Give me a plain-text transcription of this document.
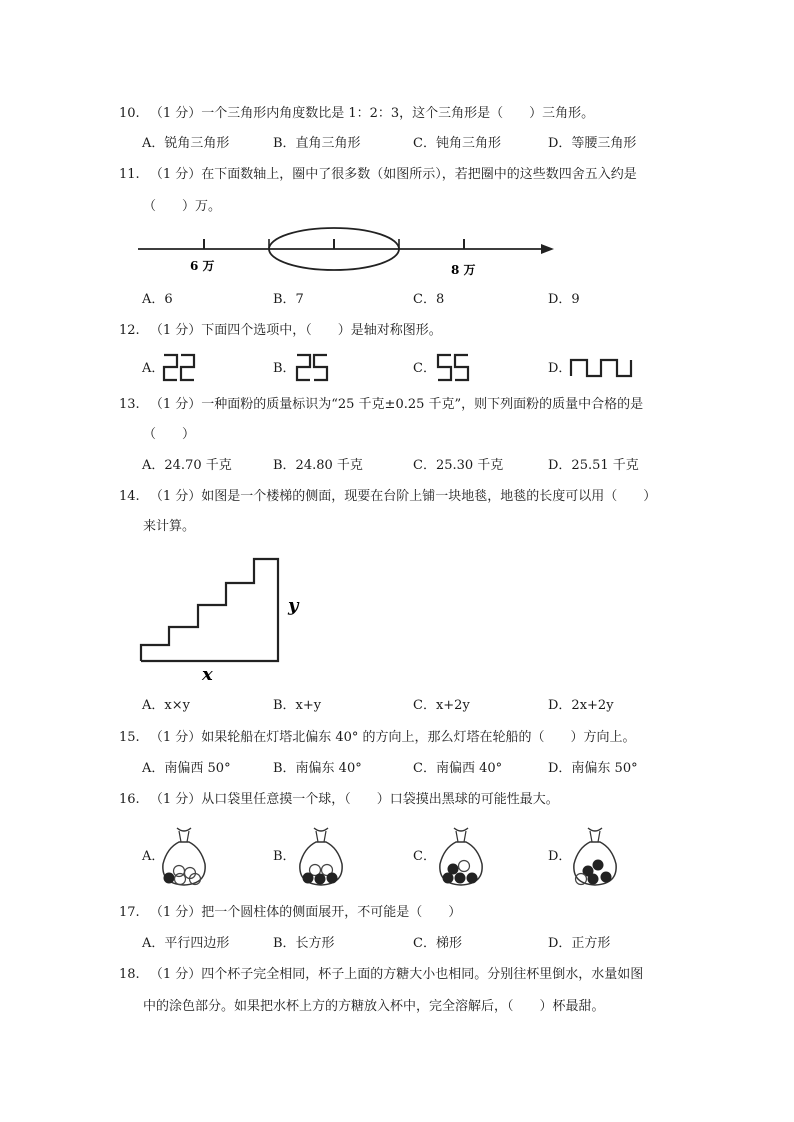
10. （1 分）一个三角形内角度数比是 1：2：3，这个三角形是（　　）三角形。
A．锐角三角形	B．直角三角形	C．钝角三角形	D．等腰三角形
11. （1 分）在下面数轴上，圈中了很多数（如图所示），若把圈中的这些数四舍五入约是
（　　）万。
6 万	8 万
A．6	B．7	C．8	D．9
12. （1 分）下面四个选项中，（　　）是轴对称图形。
A．	B．	C．	D．
13. （1 分）一种面粉的质量标识为“25 千克±0.25 千克”，则下列面粉的质量中合格的是
（　　）
A．24.70 千克	B．24.80 千克	C．25.30 千克	D．25.51 千克
14. （1 分）如图是一个楼梯的侧面，现要在台阶上铺一块地毯，地毯的长度可以用（　　）
来计算。
y
x
A．x×y	B．x+y	C．x+2y	D．2x+2y
15. （1 分）如果轮船在灯塔北偏东 40° 的方向上，那么灯塔在轮船的（　　）方向上。
A．南偏西 50°	B．南偏东 40°	C．南偏西 40°	D．南偏东 50°
16. （1 分）从口袋里任意摸一个球，（　　）口袋摸出黑球的可能性最大。
A．	B．	C．	D．
17. （1 分）把一个圆柱体的侧面展开，不可能是（　　）
A．平行四边形	B．长方形	C．梯形	D．正方形
18. （1 分）四个杯子完全相同，杯子上面的方糖大小也相同。分别往杯里倒水，水量如图
中的涂色部分。如果把水杯上方的方糖放入杯中，完全溶解后，（　　）杯最甜。
